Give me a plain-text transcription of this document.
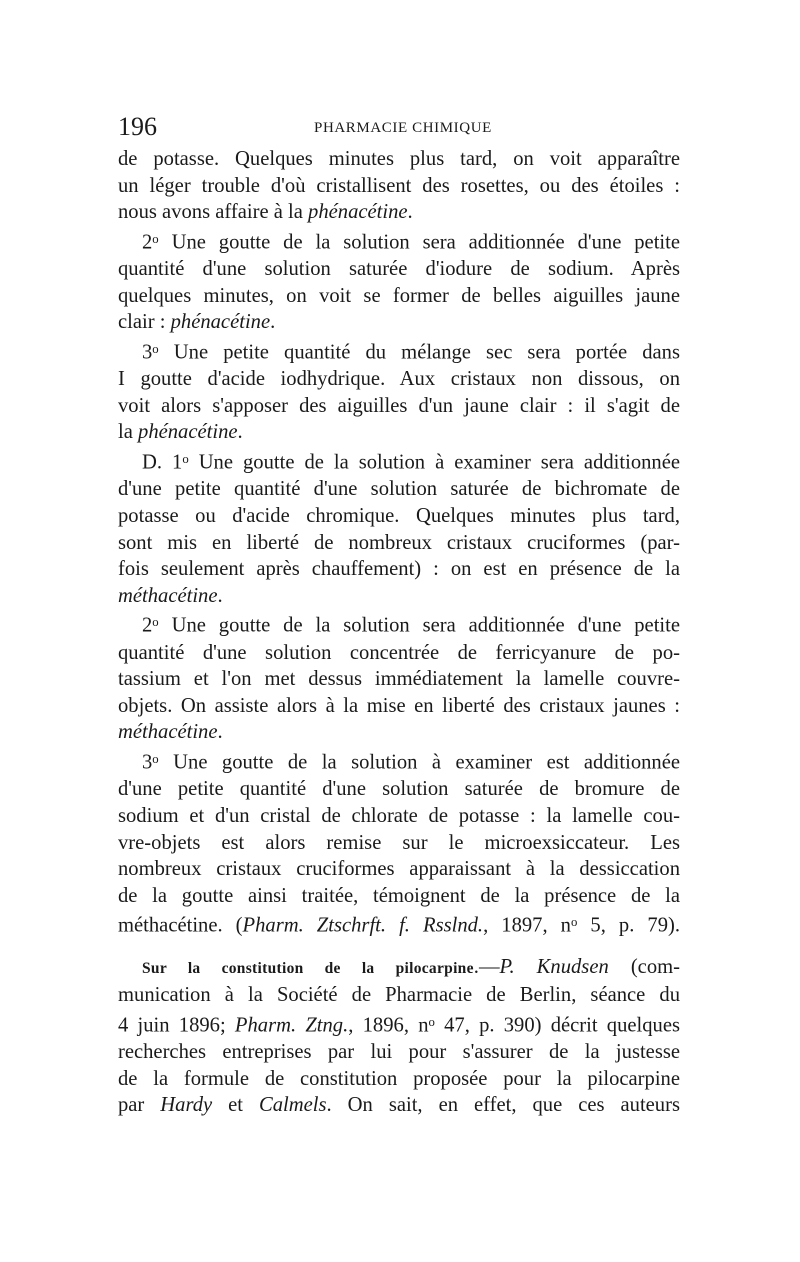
196	PHARMACIE CHIMIQUE
de potasse. Quelques minutes plus tard, on voit apparaître
un léger trouble d'où cristallisent des rosettes, ou des étoiles :
nous avons affaire à la phénacétine.
2$^o$ Une goutte de la solution sera additionnée d'une petite
quantité d'une solution saturée d'iodure de sodium. Après
quelques minutes, on voit se former de belles aiguilles jaune
clair : phénacétine.
3$^o$ Une petite quantité du mélange sec sera portée dans
I goutte d'acide iodhydrique. Aux cristaux non dissous, on
voit alors s'apposer des aiguilles d'un jaune clair : il s'agit de
la phénacétine.
D. 1$^o$ Une goutte de la solution à examiner sera additionnée
d'une petite quantité d'une solution saturée de bichromate de
potasse ou d'acide chromique. Quelques minutes plus tard,
sont mis en liberté de nombreux cristaux cruciformes (par-
fois seulement après chauffement) : on est en présence de la
méthacétine.
2$^o$ Une goutte de la solution sera additionnée d'une petite
quantité d'une solution concentrée de ferricyanure de po-
tassium et l'on met dessus immédiatement la lamelle couvre-
objets. On assiste alors à la mise en liberté des cristaux jaunes :
méthacétine.
3$^o$ Une goutte de la solution à examiner est additionnée
d'une petite quantité d'une solution saturée de bromure de
sodium et d'un cristal de chlorate de potasse : la lamelle cou-
vre-objets est alors remise sur le microexsiccateur. Les
nombreux cristaux cruciformes apparaissant à la dessiccation
de la goutte ainsi traitée, témoignent de la présence de la
méthacétine. (Pharm. Ztschrft. f. Rsslnd., 1897, $n^o$ 5, p. 79).
Sur la constitution de la pilocarpine.—P. Knudsen (com-
munication à la Société de Pharmacie de Berlin, séance du
4 juin 1896; Pharm. Ztng., 1896, $n^o$ 47, p. 390) décrit quelques
recherches entreprises par lui pour s'assurer de la justesse
de la formule de constitution proposée pour la pilocarpine
par Hardy et Calmels. On sait, en effet, que ces auteurs
